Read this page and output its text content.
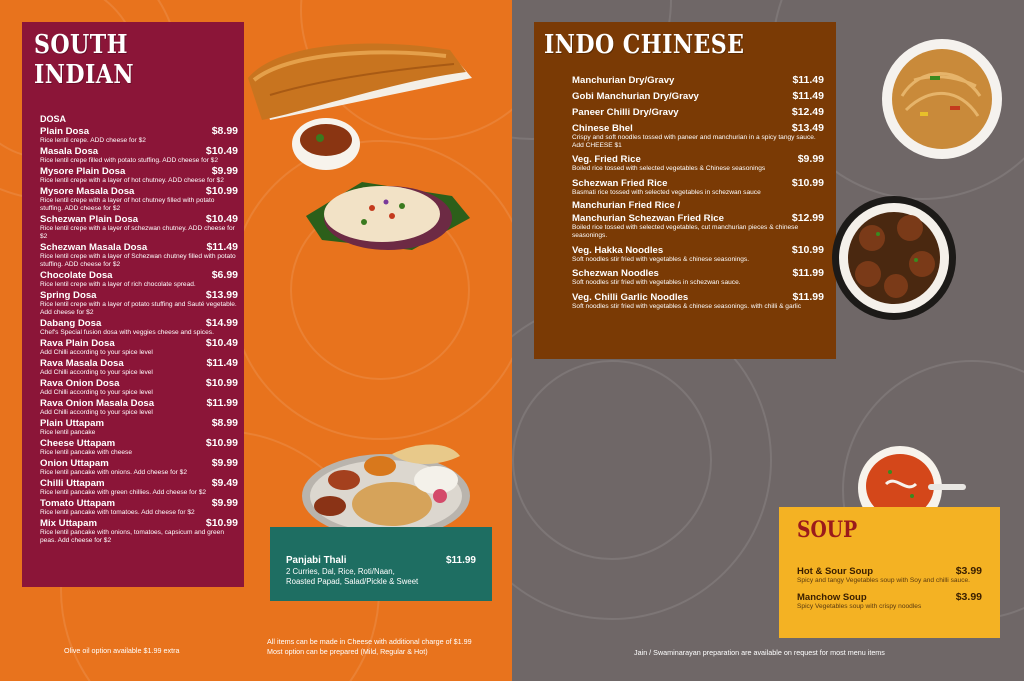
SOUTH INDIAN
DOSA
Plain Dosa	$8.99
Rice lentil crepe. ADD cheese for $2
Masala Dosa	$10.49
Rice lentil crepe filled with potato stuffing. ADD cheese for $2
Mysore Plain Dosa	$9.99
Rice lentil crepe with a layer of hot chutney. ADD cheese for $2
Mysore Masala Dosa	$10.99
Rice lentil crepe with a layer of hot chutney filled with potato stuffing. ADD cheese for $2
Schezwan Plain Dosa	$10.49
Rice lentil crepe with a layer of schezwan chutney. ADD cheese for $2
Schezwan Masala Dosa	$11.49
Rice lentil crepe with a layer of Schezwan chutney filled with potato stuffing. ADD cheese for $2
Chocolate Dosa	$6.99
Rice lentil crepe with a layer of rich chocolate spread.
Spring Dosa	$13.99
Rice lentil crepe with a layer of potato stuffing and Sauté vegetable. Add cheese for $2
Dabang Dosa	$14.99
Chef's Special fusion dosa with veggies cheese and spices.
Rava Plain Dosa	$10.49
Add Chilli according to your spice level
Rava Masala Dosa	$11.49
Add Chilli according to your spice level
Rava Onion Dosa	$10.99
Add Chilli according to your spice level
Rava Onion Masala Dosa	$11.99
Add Chilli according to your spice level
Plain Uttapam	$8.99
Rice lentil pancake
Cheese Uttapam	$10.99
Rice lentil pancake with cheese
Onion Uttapam	$9.99
Rice lentil pancake with onions. Add cheese for $2
Chilli Uttapam	$9.49
Rice lentil pancake with green chillies. Add cheese for $2
Tomato Uttapam	$9.99
Rice lentil pancake with tomatoes. Add cheese for $2
Mix Uttapam	$10.99
Rice lentil pancake with onions, tomatoes, capsicum and green peas. Add cheese for $2
Panjabi Thali	$11.99
2 Curries, Dal, Rice, Roti/Naan,
Roasted Papad, Salad/Pickle & Sweet
INDO CHINESE
Manchurian Dry/Gravy	$11.49
Gobi Manchurian Dry/Gravy	$11.49
Paneer Chilli Dry/Gravy	$12.49
Chinese Bhel	$13.49
Crispy and soft noodles tossed with paneer and manchurian in a spicy tangy sauce. Add CHEESE $1
Veg. Fried Rice	$9.99
Boiled rice tossed with selected vegetables & Chinese seasonings
Schezwan Fried Rice	$10.99
Basmati rice tossed with selected vegetables in schezwan sauce
Manchurian Fried Rice /
Manchurian Schezwan Fried Rice	$12.99
Boiled rice tossed with selected vegetables, cut manchurian pieces & chinese seasonings.
Veg. Hakka Noodles	$10.99
Soft noodles stir fried with vegetables & chinese seasonings.
Schezwan Noodles	$11.99
Soft noodles stir fried with vegetables in schezwan sauce.
Veg. Chilli Garlic Noodles	$11.99
Soft noodles stir fried with vegetables & chinese seasonings. with chilli & garlic
SOUP
Hot & Sour Soup	$3.99
Spicy and tangy Vegetables soup with Soy and chilli sauce.
Manchow Soup	$3.99
Spicy Vegetables soup with crispy noodles
Olive oil option available $1.99 extra
All items can be made in Cheese with additional charge of $1.99
Most option can be prepared (Mild, Regular & Hot)	Jain / Swaminarayan preparation are available on request for most menu items
